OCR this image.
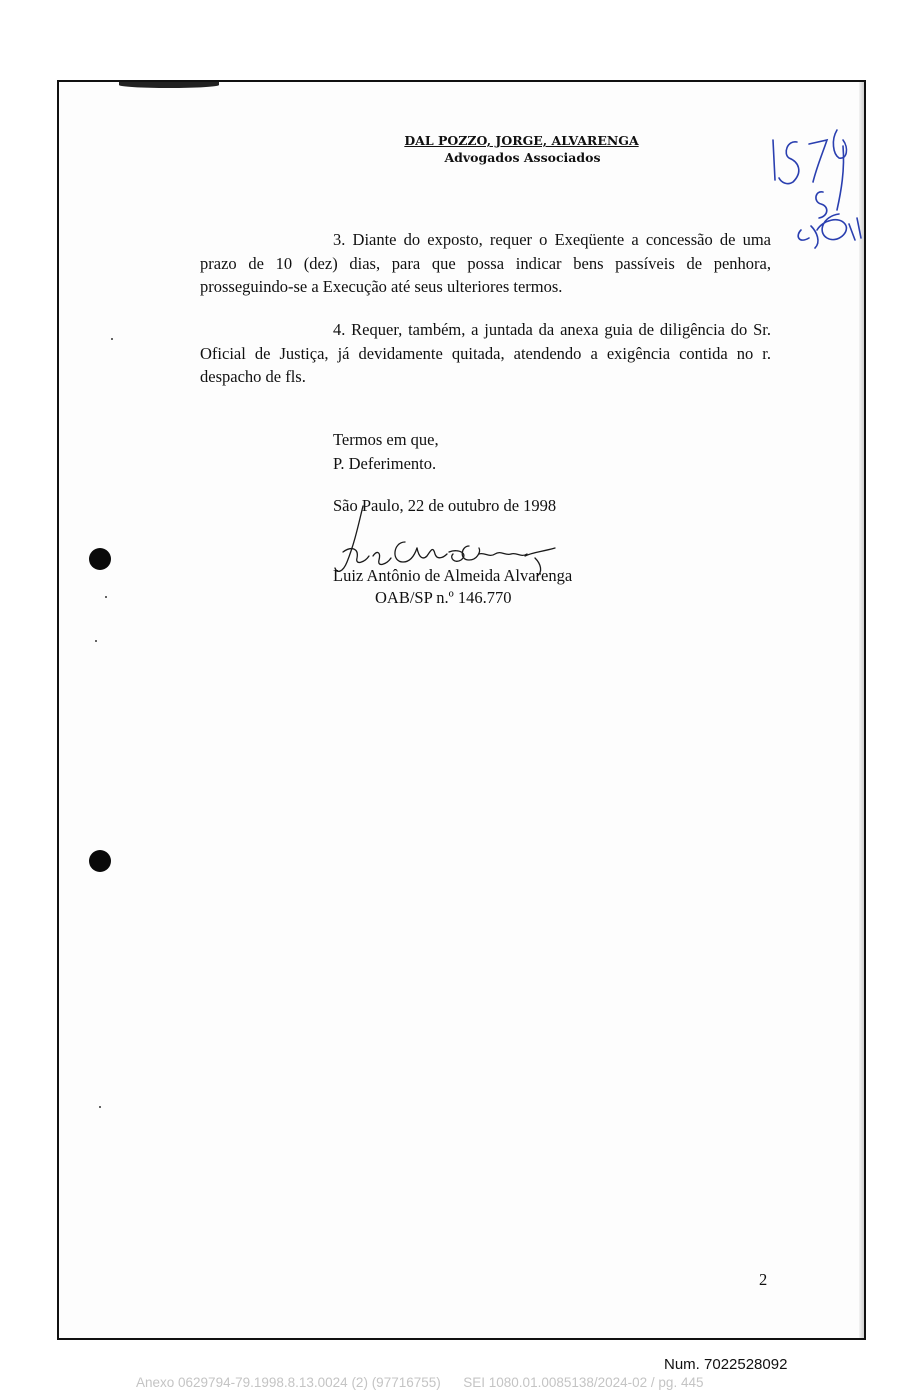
DAL POZZO, JORGE, ALVARENGA
Advogados Associados
157
3. Diante do exposto, requer o Exeqüente a concessão de uma prazo de 10 (dez) dias, para que possa indicar bens passíveis de penhora, prosseguindo-se a Execução até seus ulteriores termos.
4. Requer, também, a juntada da anexa guia de diligência do Sr. Oficial de Justiça, já devidamente quitada, atendendo a exigência contida no r. despacho de fls.
Termos em que,
P. Deferimento.
São Paulo, 22 de outubro de 1998
Luiz Antônio de Almeida Alvarenga
OAB/SP n.º 146.770
2
Num. 7022528092
Anexo 0629794-79.1998.8.13.0024 (2) (97716755) SEI 1080.01.0085138/2024-02 / pg. 445
